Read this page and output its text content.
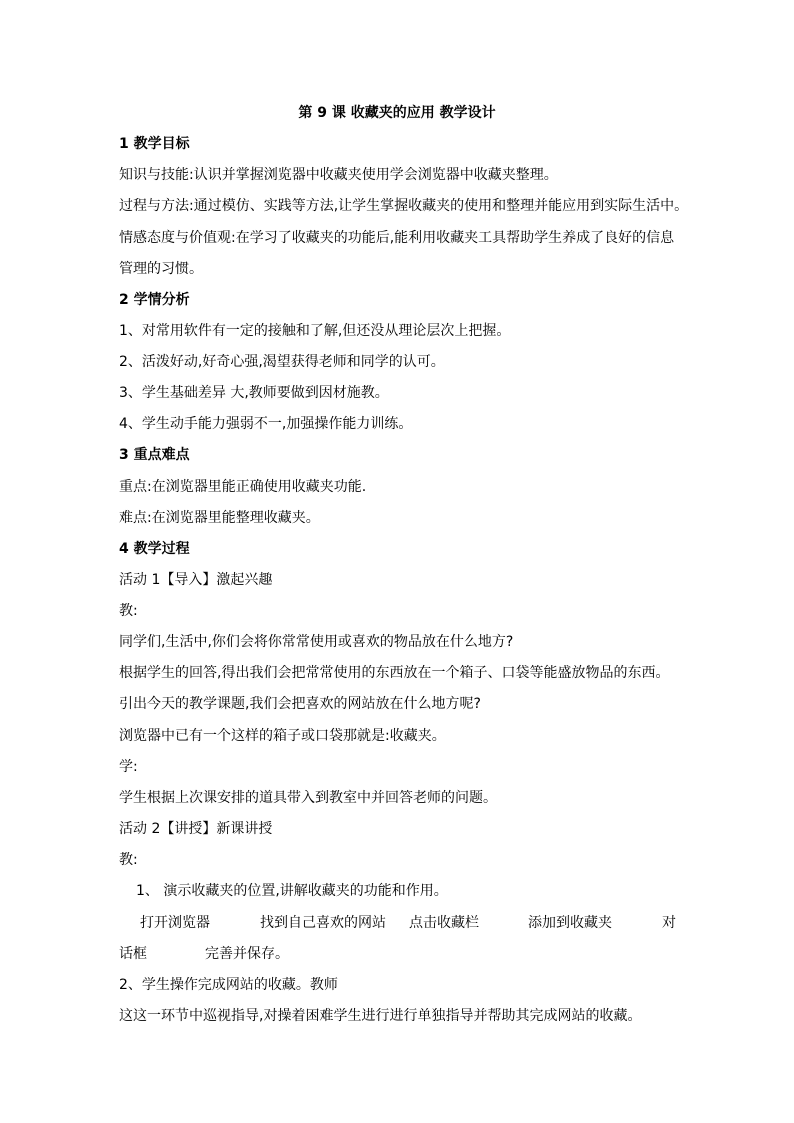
第 9 课 收藏夹的应用 教学设计
1 教学目标
知识与技能:认识并掌握浏览器中收藏夹使用学会浏览器中收藏夹整理。
过程与方法:通过模仿、实践等方法,让学生掌握收藏夹的使用和整理并能应用到实际生活中。
情感态度与价值观:在学习了收藏夹的功能后,能利用收藏夹工具帮助学生养成了良好的信息
管理的习惯。
2 学情分析
1、对常用软件有一定的接触和了解,但还没从理论层次上把握。
2、活泼好动,好奇心强,渴望获得老师和同学的认可。
3、学生基础差异 大,教师要做到因材施教。
4、学生动手能力强弱不一,加强操作能力训练。
3 重点难点
重点:在浏览器里能正确使用收藏夹功能.
难点:在浏览器里能整理收藏夹。
4 教学过程
活动 1【导入】激起兴趣
教:
同学们,生活中,你们会将你常常使用或喜欢的物品放在什么地方?
根据学生的回答,得出我们会把常常使用的东西放在一个箱子、口袋等能盛放物品的东西。
引出今天的教学课题,我们会把喜欢的网站放在什么地方呢?
浏览器中已有一个这样的箱子或口袋那就是:收藏夹。
学:
学生根据上次课安排的道具带入到教室中并回答老师的问题。
活动 2【讲授】新课讲授
教:
1、 演示收藏夹的位置,讲解收藏夹的功能和作用。
打开浏览器	找到自己喜欢的网站 点击收藏栏	添加到收藏夹	对
话框	完善并保存。
2、学生操作完成网站的收藏。教师
这这一环节中巡视指导,对操着困难学生进行进行单独指导并帮助其完成网站的收藏。
